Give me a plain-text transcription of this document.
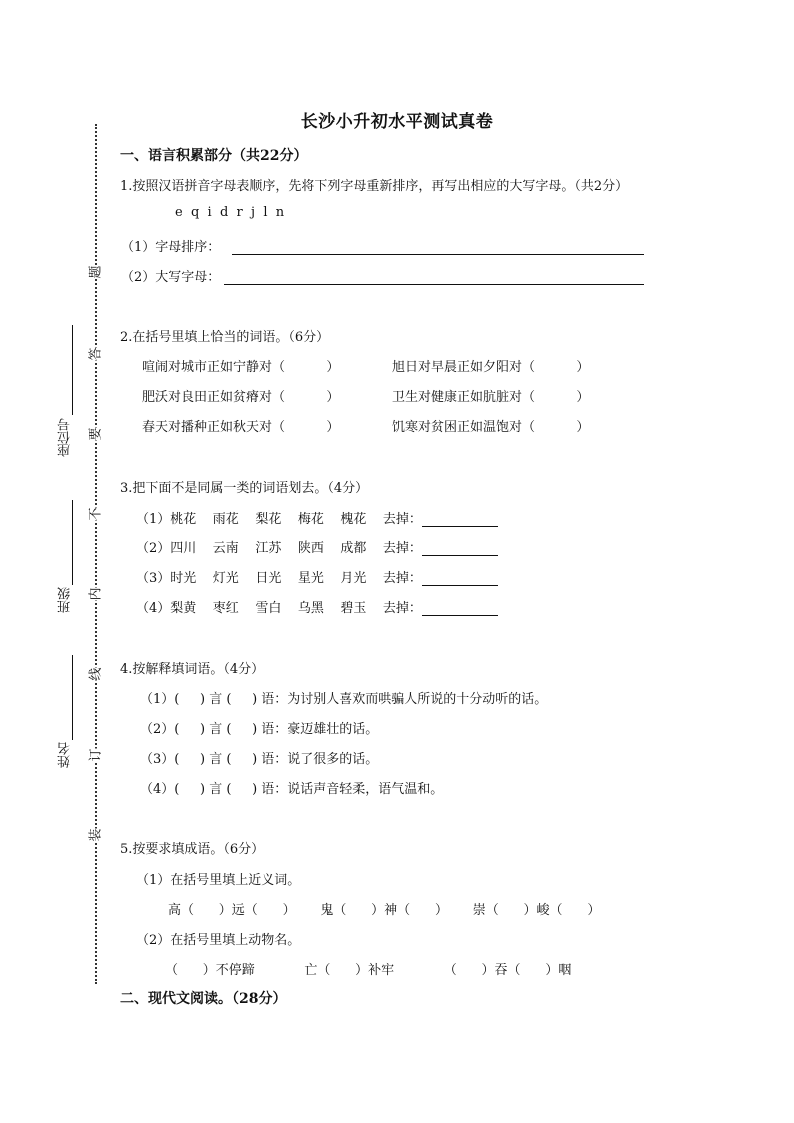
题
答
要
不
内
线
订
装
座位号
班级
姓名
长沙小升初水平测试真卷
一、语言积累部分（共22分）
1.按照汉语拼音字母表顺序，先将下列字母重新排序，再写出相应的大写字母。（共2分）
e  q  i  d  r  j  l  n
（1）字母排序：
（2）大写字母：
2.在括号里填上恰当的词语。（6分）
喧闹对城市正如宁静对（          ）	旭日对早晨正如夕阳对（          ）
肥沃对良田正如贫瘠对（          ）	卫生对健康正如肮脏对（          ）
春天对播种正如秋天对（          ）	饥寒对贫困正如温饱对（          ）
3.把下面不是同属一类的词语划去。（4分）
（1）桃花    雨花    梨花    梅花    槐花    去掉：
（2）四川    云南    江苏    陕西    成都    去掉：
（3）时光    灯光    日光    星光    月光    去掉：
（4）梨黄    枣红    雪白    乌黑    碧玉    去掉：
4.按解释填词语。（4分）
（1）(     ) 言 (     ) 语：为讨别人喜欢而哄骗人所说的十分动听的话。
（2）(     ) 言 (     ) 语：豪迈雄壮的话。
（3）(     ) 言 (     ) 语：说了很多的话。
（4）(     ) 言 (     ) 语：说话声音轻柔，语气温和。
5.按要求填成语。（6分）
（1）在括号里填上近义词。
高（      ）远（      ）      鬼（      ）神（      ）      崇（      ）峻（      ）
（2）在括号里填上动物名。
（      ）不停蹄            亡（      ）补牢            （      ）吞（      ）咽
二、现代文阅读。（28分）
